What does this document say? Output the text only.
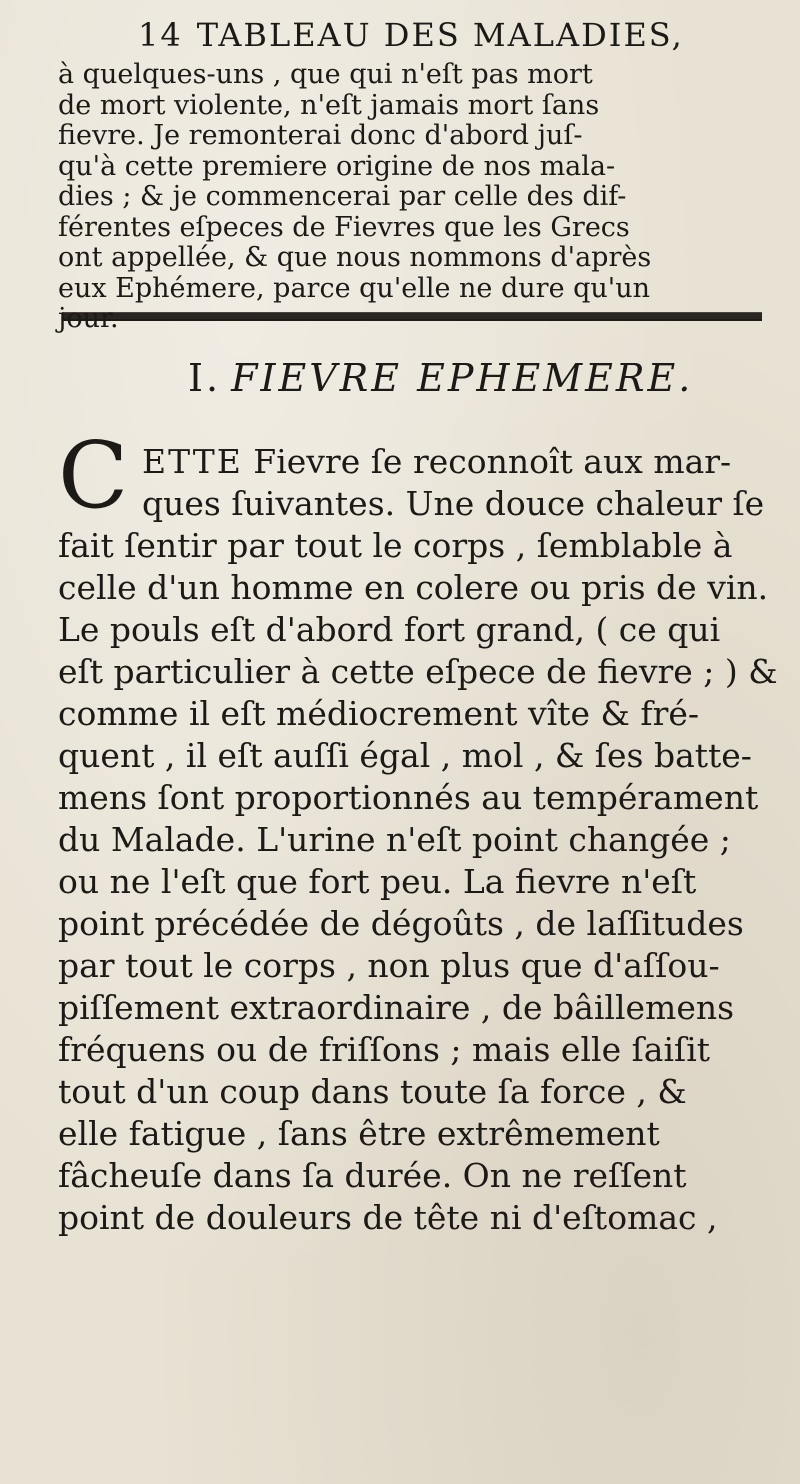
14 TABLEAU DES MALADIES,
I. FIEVRE EPHEMERE.
C ETTE Fievre ſe reconnoît aux mar-
ques ſuivantes. Une douce chaleur ſe
fait ſentir par tout le corps , ſemblable à
celle d'un homme en colere ou pris de vin.
Le pouls eſt d'abord fort grand, ( ce qui
eſt particulier à cette eſpece de fievre ; ) &
comme il eſt médiocrement vîte & fré-
quent , il eſt auſſi égal , mol , & ſes batte-
mens ſont proportionnés au tempérament
du Malade. L'urine n'eſt point changée ;
ou ne l'eſt que fort peu. La fievre n'eſt
point précédée de dégoûts , de laſſitudes
par tout le corps , non plus que d'aſſou-
piſſement extraordinaire , de bâillemens
fréquens ou de friſſons ; mais elle ſaiſit
tout d'un coup dans toute ſa force , &
elle fatigue , ſans être extrêmement
fâcheuſe dans ſa durée. On ne reſſent
point de douleurs de tête ni d'eſtomac ,
à quelques-uns , que qui n'eſt pas mort
de mort violente, n'eſt jamais mort ſans
fievre. Je remonterai donc d'abord juſ-
qu'à cette premiere origine de nos mala-
dies ; & je commencerai par celle des dif-
férentes eſpeces de Fievres que les Grecs
ont appellée, & que nous nommons d'après
eux Ephémere, parce qu'elle ne dure qu'un
jour.
